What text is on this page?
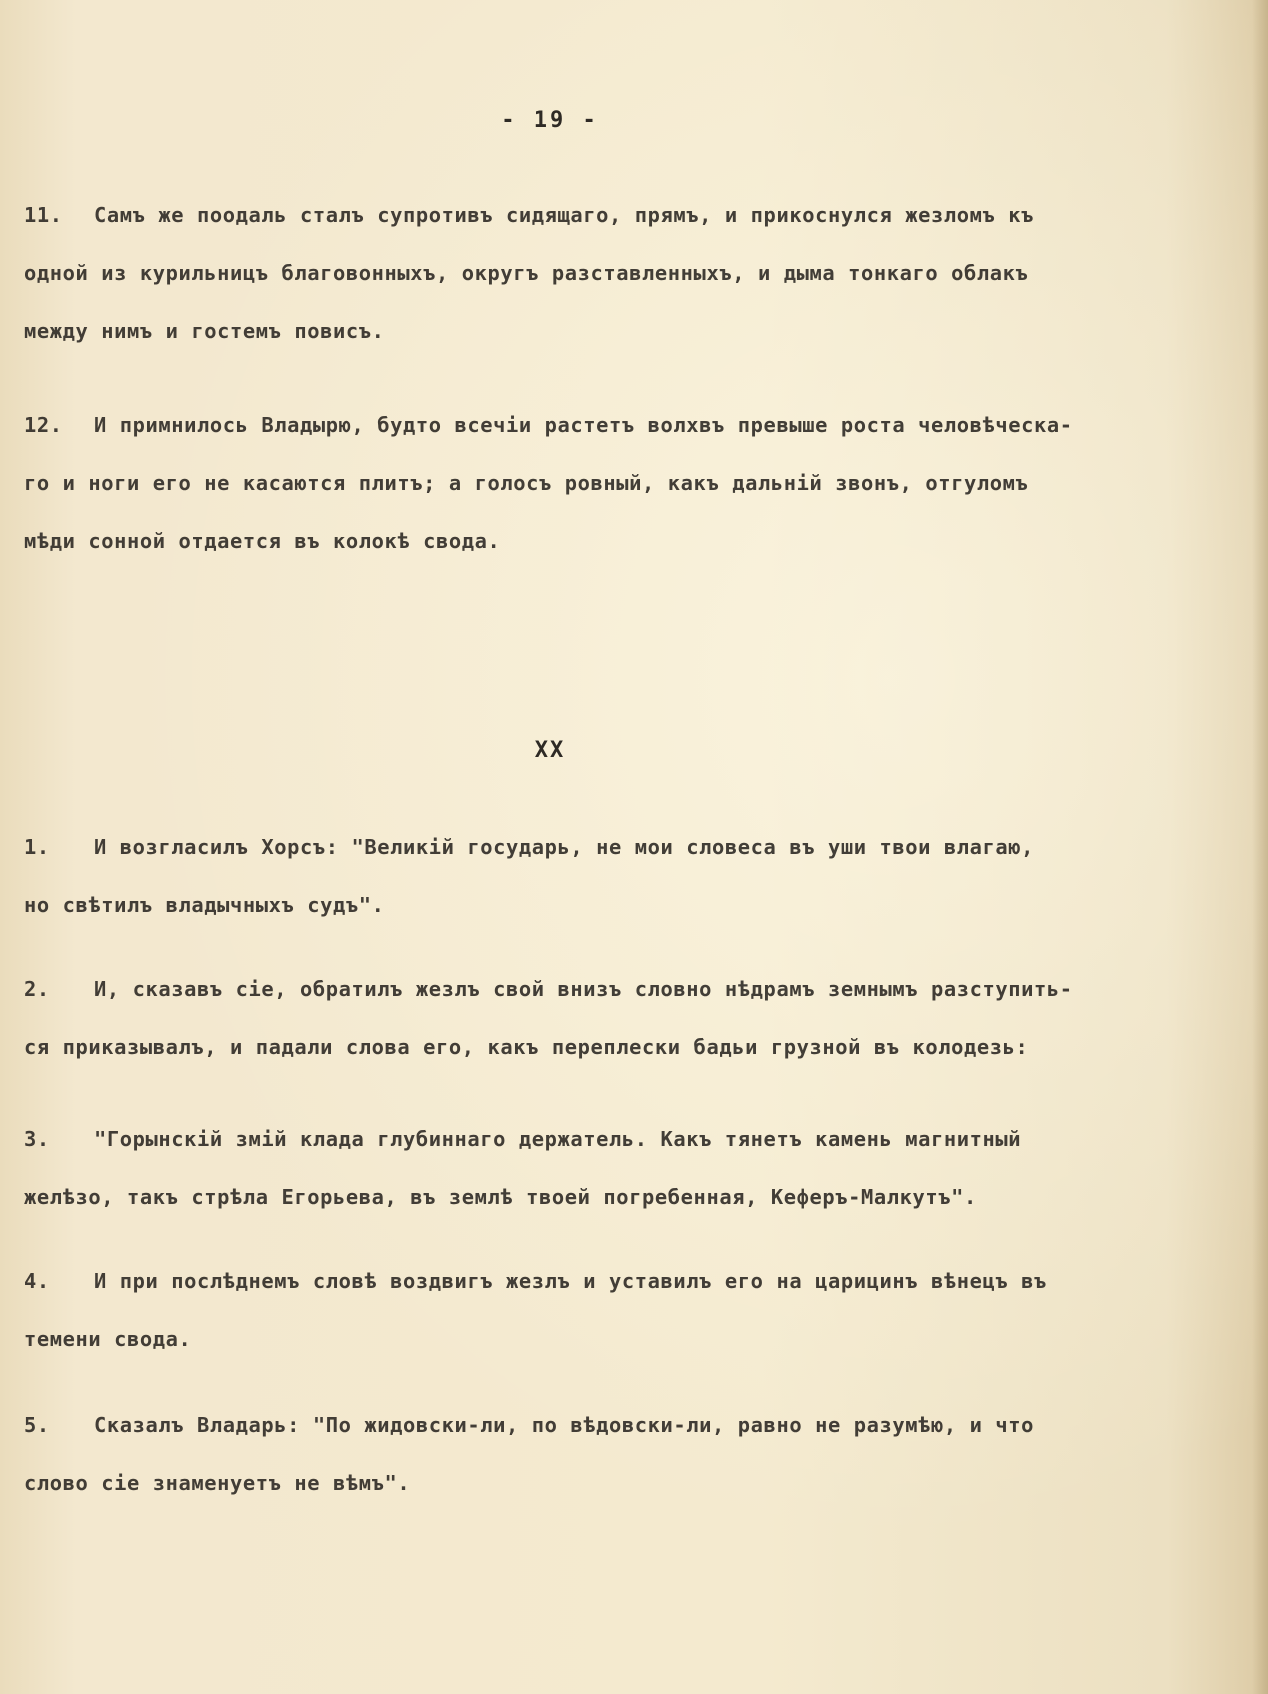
- 19 -
11. Самъ же поодаль сталъ супротивъ сидящаго, прямъ, и прикоснулся жезломъ къ
одной из курильницъ благовонныхъ, округъ разставленныхъ, и дыма тонкаго облакъ
между нимъ и гостемъ повисъ.
12. И примнилось Владырю, будто всечіи растетъ волхвъ превыше роста человѣческа-
го и ноги его не касаются плитъ; а голосъ ровный, какъ дальній звонъ, отгуломъ
мѣди сонной отдается въ колокѣ свода.
ХХ
1. И возгласилъ Хорсъ: "Великій государь, не мои словеса въ уши твои влагаю,
но свѣтилъ владычныхъ судъ".
2. И, сказавъ сіе, обратилъ жезлъ свой внизъ словно нѣдрамъ земнымъ разступить-
ся приказывалъ, и падали слова его, какъ переплески бадьи грузной въ колодезь:
3. "Горынскій змій клада глубиннаго держатель. Какъ тянетъ камень магнитный
желѣзо, такъ стрѣла Егорьева, въ землѣ твоей погребенная, Кеферъ-Малкутъ".
4. И при послѣднемъ словѣ воздвигъ жезлъ и уставилъ его на царицинъ вѣнецъ въ
темени свода.
5. Сказалъ Владарь: "По жидовски-ли, по вѣдовски-ли, равно не разумѣю, и что
слово сіе знаменуетъ не вѣмъ".
